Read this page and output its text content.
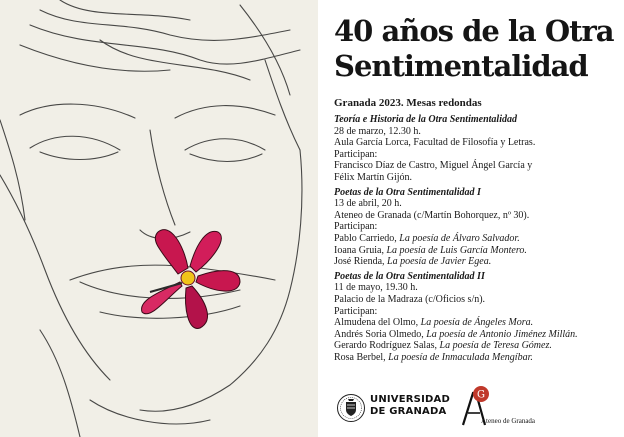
40 años de la Otra
Sentimentalidad
Granada 2023. Mesas redondas
Teoría e Historia de la Otra Sentimentalidad
28 de marzo, 12.30 h.
Aula García Lorca, Facultad de Filosofía y Letras.
Participan:
Francisco Díaz de Castro, Miguel Ángel García y
Félix Martín Gijón.
Poetas de la Otra Sentimentalidad I
13 de abril, 20 h.
Ateneo de Granada (c/Martín Bohorquez, nº 30).
Participan:
Pablo Carriedo, La poesía de Álvaro Salvador.
Ioana Gruia, La poesía de Luis García Montero.
José Rienda, La poesía de Javier Egea.
Poetas de la Otra Sentimentalidad II
11 de mayo, 19.30 h.
Palacio de la Madraza (c/Oficios s/n).
Participan:
Almudena del Olmo, La poesía de Ángeles Mora.
Andrés Soria Olmedo, La poesía de Antonio Jiménez Millán.
Gerardo Rodríguez Salas, La poesía de Teresa Gómez.
Rosa Berbel, La poesía de Inmaculada Mengíbar.
UNIVERSIDAD
DE GRANADA
G
Ateneo de Granada
